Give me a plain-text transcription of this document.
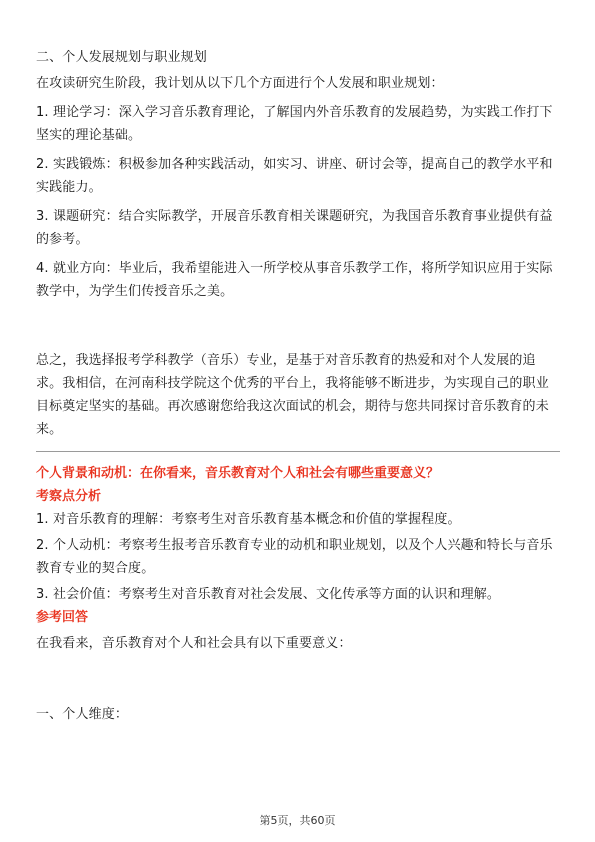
二、个人发展规划与职业规划

在攻读研究生阶段，我计划从以下几个方面进行个人发展和职业规划：

1. 理论学习：深入学习音乐教育理论，了解国内外音乐教育的发展趋势，为实践工作打下坚实的理论基础。

2. 实践锻炼：积极参加各种实践活动，如实习、讲座、研讨会等，提高自己的教学水平和实践能力。

3. 课题研究：结合实际教学，开展音乐教育相关课题研究，为我国音乐教育事业提供有益的参考。

4. 就业方向：毕业后，我希望能进入一所学校从事音乐教学工作，将所学知识应用于实际教学中，为学生们传授音乐之美。

总之，我选择报考学科教学（音乐）专业，是基于对音乐教育的热爱和对个人发展的追求。我相信，在河南科技学院这个优秀的平台上，我将能够不断进步，为实现自己的职业目标奠定坚实的基础。再次感谢您给我这次面试的机会，期待与您共同探讨音乐教育的未来。

个人背景和动机：在你看来，音乐教育对个人和社会有哪些重要意义？

考察点分析

1. 对音乐教育的理解：考察考生对音乐教育基本概念和价值的掌握程度。

2. 个人动机：考察考生报考音乐教育专业的动机和职业规划，以及个人兴趣和特长与音乐教育专业的契合度。

3. 社会价值：考察考生对音乐教育对社会发展、文化传承等方面的认识和理解。

参考回答

在我看来，音乐教育对个人和社会具有以下重要意义：

一、个人维度：

第5页，共60页
